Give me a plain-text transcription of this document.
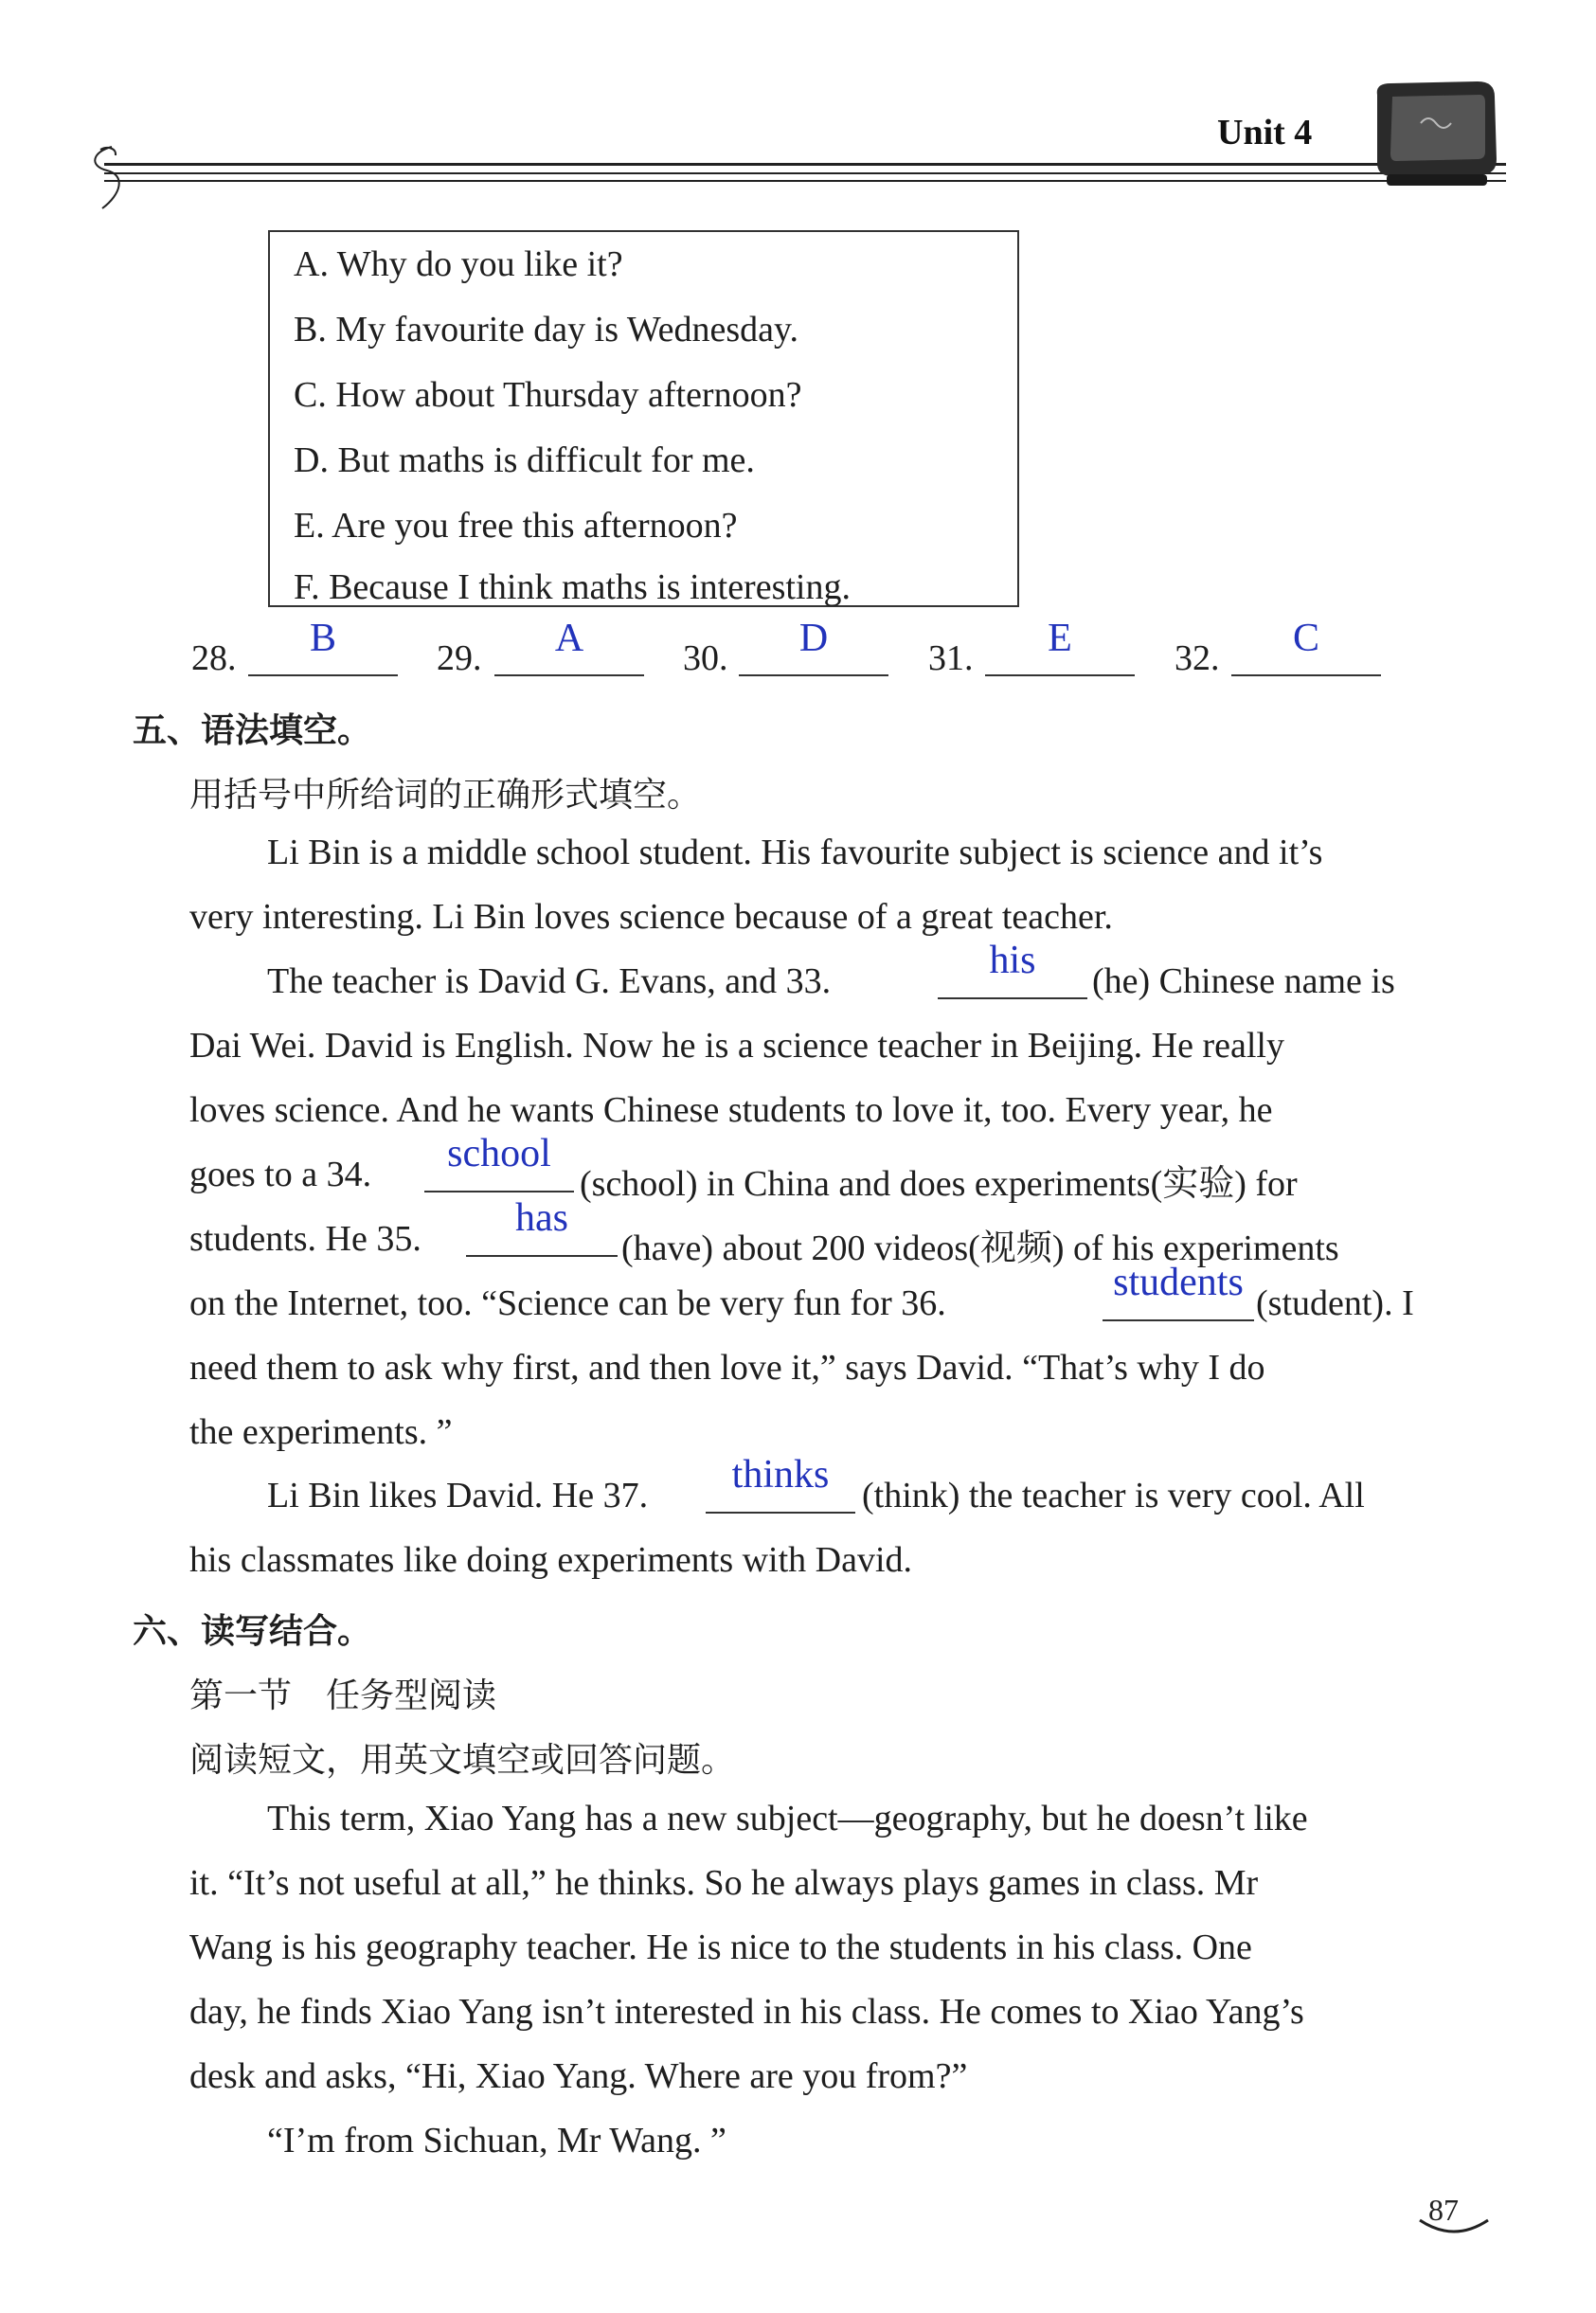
Unit 4
A. Why do you like it?
B. My favourite day is Wednesday.
C. How about Thursday afternoon?
D. But maths is difficult for me.
E. Are you free this afternoon?
F. Because I think maths is interesting.
28.	B	29.	A	30.	D	31.	E	32.	C
五、语法填空。
用括号中所给词的正确形式填空。
Li Bin is a middle school student. His favourite subject is science and it’s
very interesting. Li Bin loves science because of a great teacher.
The teacher is David G. Evans, and 33.	his	(he) Chinese name is
Dai Wei. David is English. Now he is a science teacher in Beijing. He really
loves science. And he wants Chinese students to love it, too. Every year, he
goes to a 34.	school
(school) in China and does experiments(实验) for
students. He 35.	has
(have) about 200 videos(视频) of his experiments
on the Internet, too. “Science can be very fun for 36.	students (student). I
need them to ask why first, and then love it,” says David. “That’s why I do
the experiments. ”
Li Bin likes David. He 37.	thinks (think) the teacher is very cool. All
his classmates like doing experiments with David.
六、读写结合。
第一节　任务型阅读
阅读短文，用英文填空或回答问题。
This term, Xiao Yang has a new subject—geography, but he doesn’t like
it. “It’s not useful at all,” he thinks. So he always plays games in class. Mr
Wang is his geography teacher. He is nice to the students in his class. One
day, he finds Xiao Yang isn’t interested in his class. He comes to Xiao Yang’s
desk and asks, “Hi, Xiao Yang. Where are you from?”
“I’m from Sichuan, Mr Wang. ”
87
